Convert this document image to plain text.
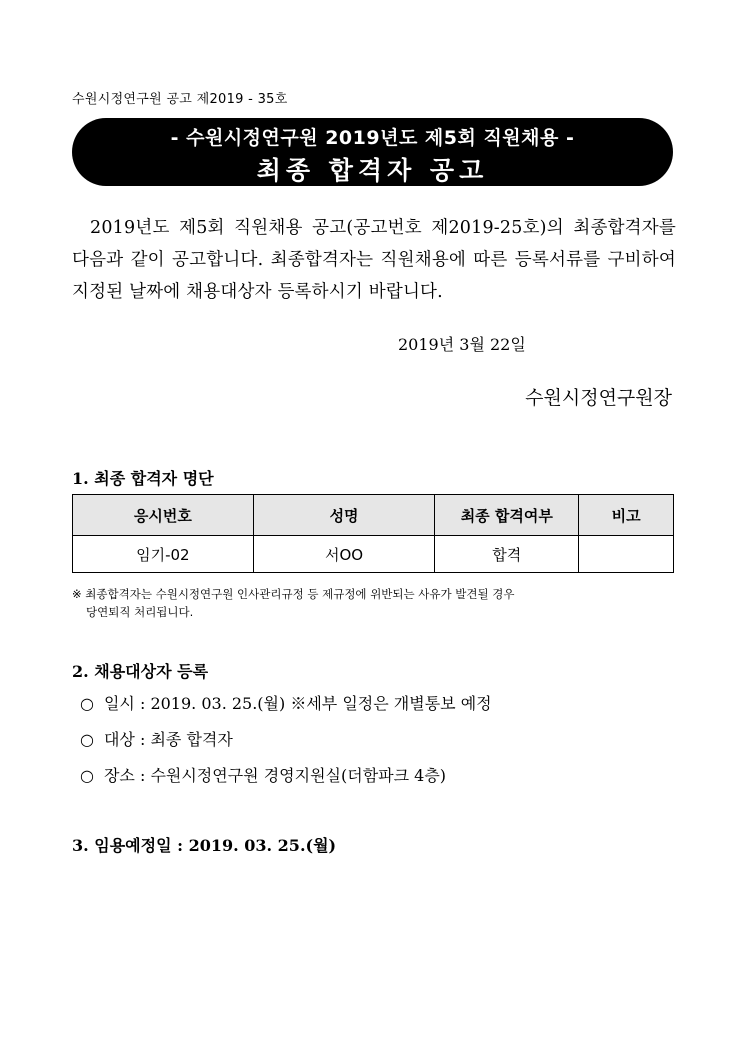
수원시정연구원 공고 제2019 - 35호
- 수원시정연구원 2019년도 제5회 직원채용 -
최종 합격자 공고
2019년도 제5회 직원채용 공고(공고번호 제2019-25호)의 최종합격자를 다음과 같이 공고합니다. 최종합격자는 직원채용에 따른 등록서류를 구비하여 지정된 날짜에 채용대상자 등록하시기 바랍니다.
2019년 3월 22일
수원시정연구원장
1. 최종 합격자 명단
응시번호	성명	최종 합격여부	비고
임기-02	서OO	합격	
※ 최종합격자는 수원시정연구원 인사관리규정 등 제규정에 위반되는 사유가 발견될 경우
당연퇴직 처리됩니다.
2. 채용대상자 등록
○ 일시 : 2019. 03. 25.(월) ※세부 일정은 개별통보 예정
○ 대상 : 최종 합격자
○ 장소 : 수원시정연구원 경영지원실(더함파크 4층)
3. 임용예정일 : 2019. 03. 25.(월)
